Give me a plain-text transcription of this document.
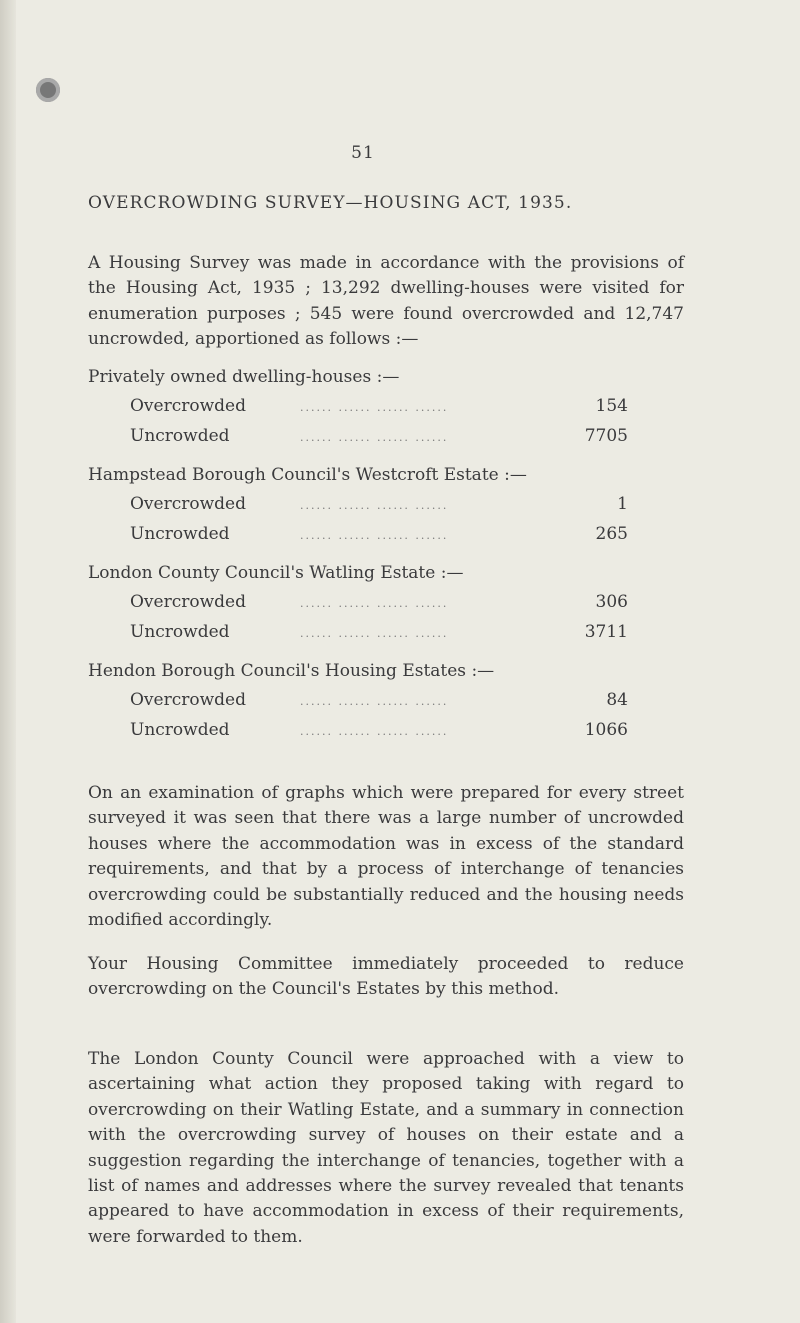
51
OVERCROWDING SURVEY—HOUSING ACT, 1935.

A Housing Survey was made in accordance with the provisions of the Housing Act, 1935 ; 13,292 dwelling-houses were visited for enumeration purposes ; 545 were found overcrowded and 12,747 uncrowded, apportioned as follows :—

Privately owned dwelling-houses :—
Overcrowded	...... ...... ...... ......	154
Uncrowded	...... ...... ...... ......	7705
Hampstead Borough Council's Westcroft Estate :—
Overcrowded	...... ...... ...... ......	1
Uncrowded	...... ...... ...... ......	265
London County Council's Watling Estate :—
Overcrowded	...... ...... ...... ......	306
Uncrowded	...... ...... ...... ......	3711
Hendon Borough Council's Housing Estates :—
Overcrowded	...... ...... ...... ......	84
Uncrowded	...... ...... ...... ......	1066

On an examination of graphs which were prepared for every street surveyed it was seen that there was a large number of uncrowded houses where the accommodation was in excess of the standard requirements, and that by a process of interchange of tenancies overcrowding could be substantially reduced and the housing needs modified accordingly.

Your Housing Committee immediately proceeded to reduce overcrowding on the Council's Estates by this method.

The London County Council were approached with a view to ascertaining what action they proposed taking with regard to overcrowding on their Watling Estate, and a summary in connection with the overcrowding survey of houses on their estate and a suggestion regarding the interchange of tenancies, together with a list of names and addresses where the survey revealed that tenants appeared to have accommodation in excess of their requirements, were forwarded to them.
